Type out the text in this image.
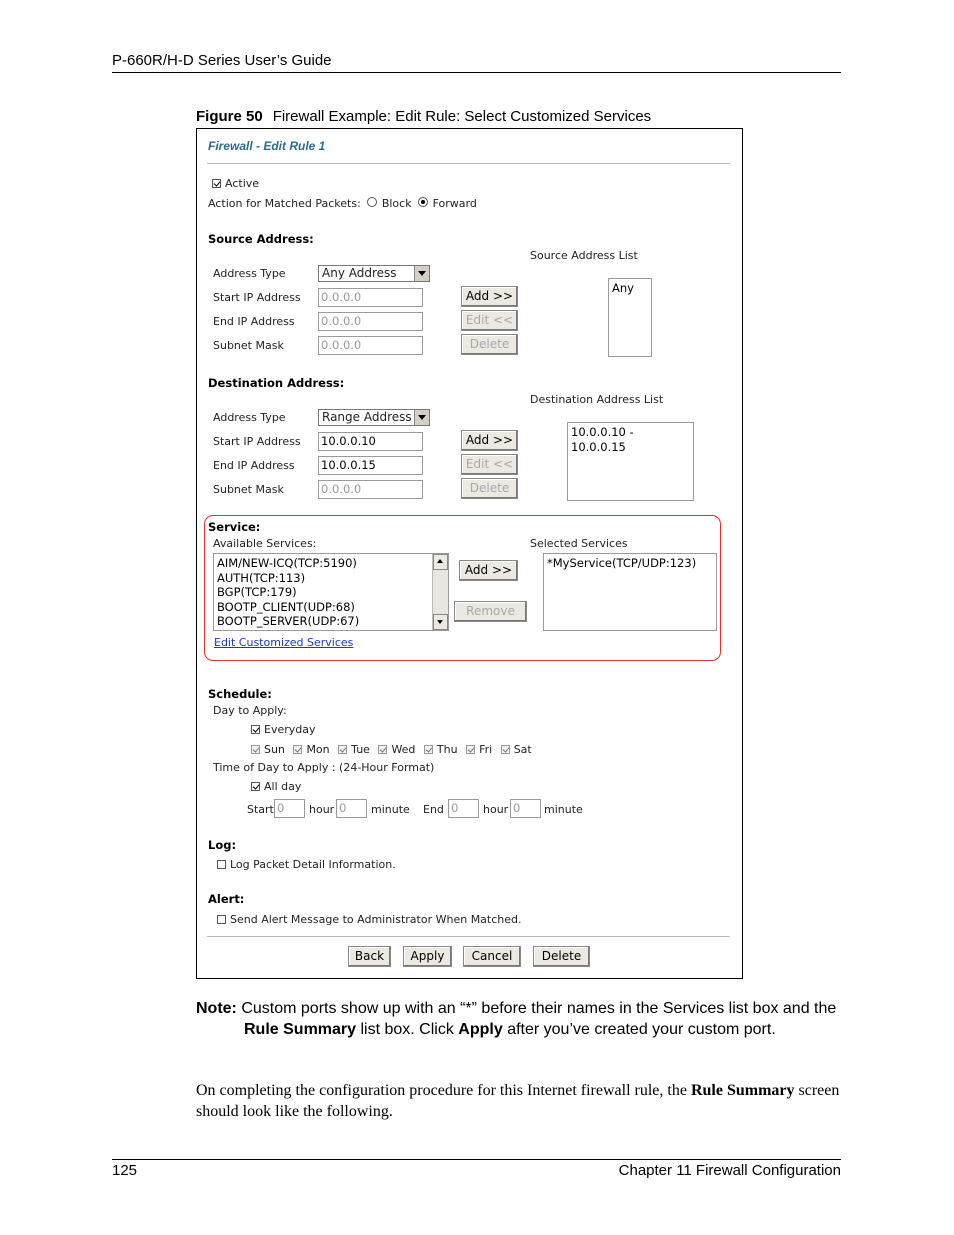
P-660R/H-D Series User’s Guide
Figure 50 Firewall Example: Edit Rule: Select Customized Services
Firewall - Edit Rule 1
Active
Action for Matched Packets: Block Forward
Source Address:
Source Address List
Address Type	Any Address
Start IP Address 0.0.0.0
End IP Address 0.0.0.0
Subnet Mask	0.0.0.0
Add >>
Edit <<
Delete
Any
Destination Address:
Destination Address List
Address Type	Range Address
Start IP Address 10.0.0.10
End IP Address 10.0.0.15
Subnet Mask	0.0.0.0
Add >>
Edit <<
Delete
10.0.0.10 - 10.0.0.15
Service:
Available Services:	Selected Services
AIM/NEW-ICQ(TCP:5190)
AUTH(TCP:113)
BGP(TCP:179)
BOOTP_CLIENT(UDP:68)
BOOTP_SERVER(UDP:67)
Add >>
Remove
*MyService(TCP/UDP:123)
Edit Customized Services
Schedule:
Day to Apply:
Everyday
Sun Mon Tue Wed Thu Fri Sat
Time of Day to Apply : (24-Hour Format)
All day
Start 0	hour 0	minute End 0	hour 0	minute
Log:
Log Packet Detail Information.
Alert:
Send Alert Message to Administrator When Matched.
Back	Apply	Cancel	Delete
Note: Custom ports show up with an “*” before their names in the Services list box and the Rule Summary list box. Click Apply after you’ve created your custom port.
On completing the configuration procedure for this Internet firewall rule, the Rule Summary screen should look like the following.
125	Chapter 11 Firewall Configuration
